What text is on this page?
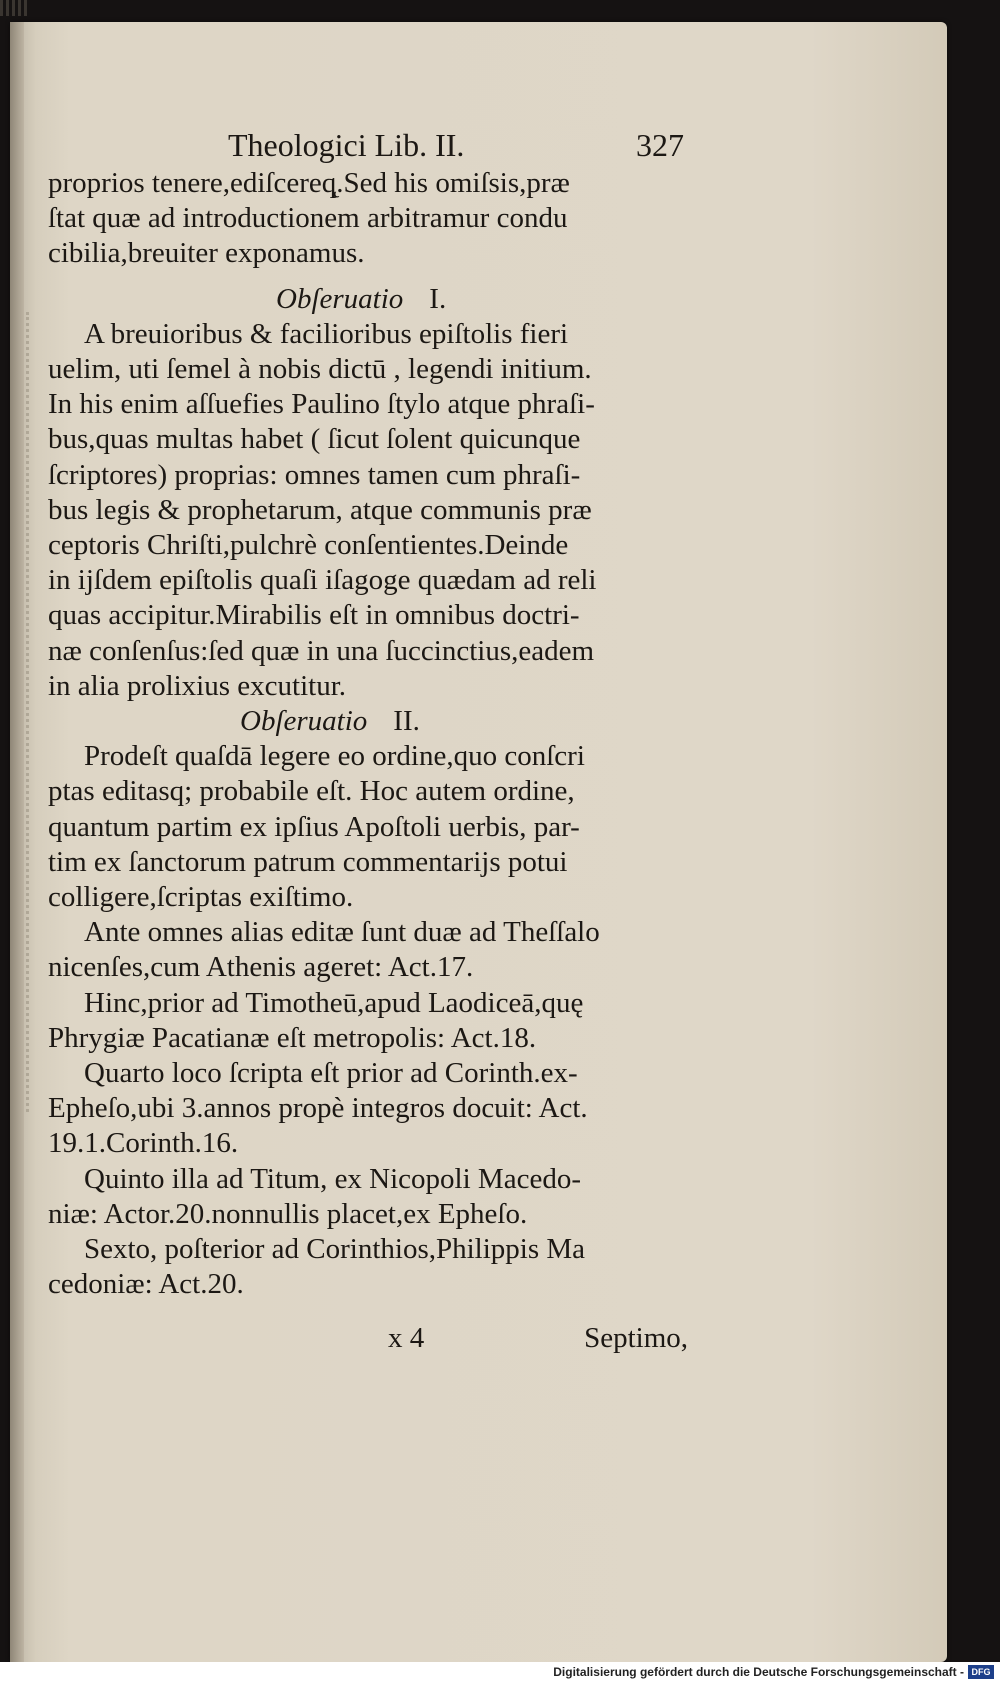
Theologici Lib. II.	327
proprios tenere,ediſcereq̨.Sed his omiſsis,præ
ſtat quæ ad introductionem arbitramur condu
cibilia,breuiter exponamus.
Obſeruatio I.
A breuioribus & facilioribus epiſtolis fieri
uelim, uti ſemel à nobis dictū , legendi initium.
In his enim aſſuefies Paulino ſtylo atque phraſi-
bus,quas multas habet ( ſicut ſolent quicunque
ſcriptores) proprias: omnes tamen cum phraſi-
bus legis & prophetarum, atque communis præ
ceptoris Chriſti,pulchrè conſentientes.Deinde
in ijſdem epiſtolis quaſi iſagoge quædam ad reli
quas accipitur.Mirabilis eſt in omnibus doctri-
næ conſenſus:ſed quæ in una ſuccinctius,eadem
in alia prolixius excutitur.
Obſeruatio II.
Prodeſt quaſdā legere eo ordine,quo conſcri
ptas editasq; probabile eſt. Hoc autem ordine,
quantum partim ex ipſius Apoſtoli uerbis, par-
tim ex ſanctorum patrum commentarijs potui
colligere,ſcriptas exiſtimo.
Ante omnes alias editæ ſunt duæ ad Theſſalo
nicenſes,cum Athenis ageret: Act.17.
Hinc,prior ad Timotheū,apud Laodiceā,quę
Phrygiæ Pacatianæ eſt metropolis: Act.18.
Quarto loco ſcripta eſt prior ad Corinth.ex-
Epheſo,ubi 3.annos propè integros docuit: Act.
19.1.Corinth.16.
Quinto illa ad Titum, ex Nicopoli Macedo-
niæ: Actor.20.nonnullis placet,ex Epheſo.
Sexto, poſterior ad Corinthios,Philippis Ma
cedoniæ: Act.20.
x 4	Septimo,
Digitalisierung gefördert durch die Deutsche Forschungsgemeinschaft - DFG
